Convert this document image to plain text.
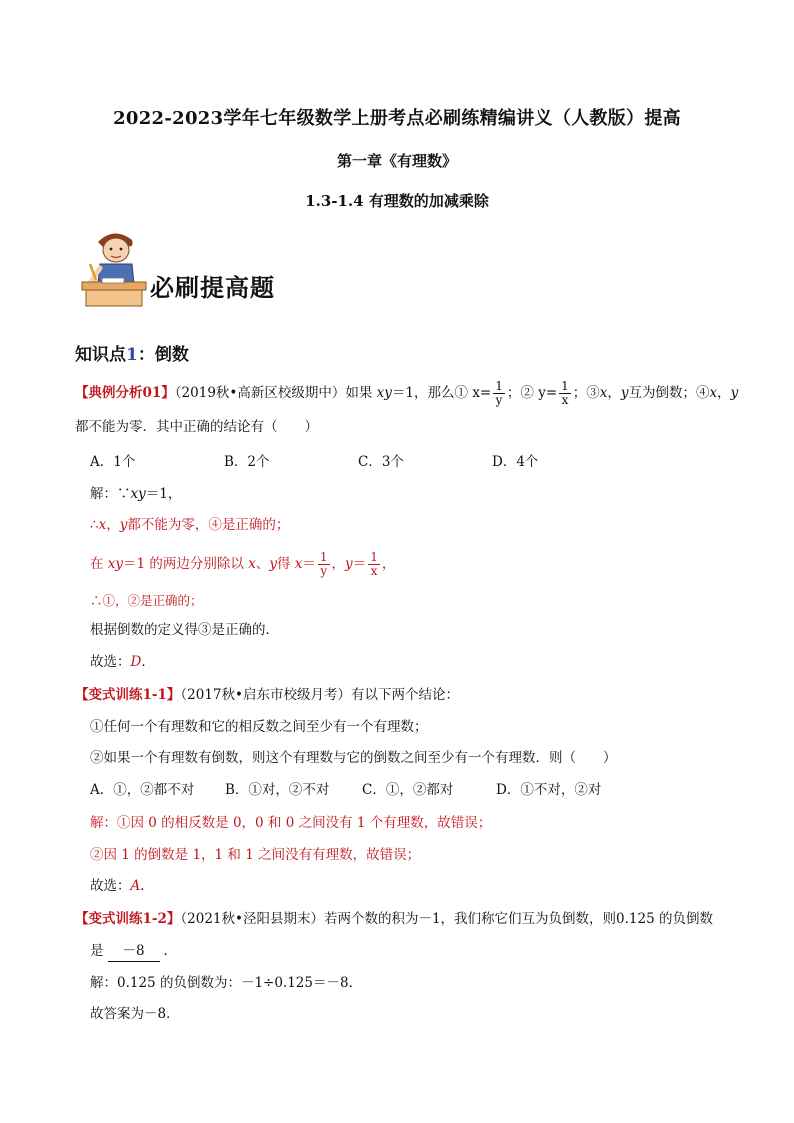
2022-2023学年七年级数学上册考点必刷练精编讲义（人教版）提高
第一章《有理数》
1.3-1.4 有理数的加减乘除
必刷提高题
知识点1：倒数
【典例分析01】（2019秋•高新区校级期中）如果 xy＝1，那么① $x= \frac{1}{y}$ ；② $y= \frac{1}{x}$ ；③x，y互为倒数；④x，y
都不能为零．其中正确的结论有（　　）
A．1个	B．2个	C．3个	D．4个
解：∵xy＝1，
∴x，y都不能为零，④是正确的；
在 xy＝1 的两边分别除以 x、y得 $x= \frac{1}{y}$ ，$y= \frac{1}{x}$ ，
∴①，②是正确的；
根据倒数的定义得③是正确的．
故选：D．
【变式训练1-1】（2017秋•启东市校级月考）有以下两个结论：
①任何一个有理数和它的相反数之间至少有一个有理数；
②如果一个有理数有倒数，则这个有理数与它的倒数之间至少有一个有理数．则（　　）
A．①，②都不对 B．①对，②不对 C．①，②都对	D．①不对，②对
解：①因 0 的相反数是 0，0 和 0 之间没有 1 个有理数，故错误；
②因 1 的倒数是 1，1 和 1 之间没有有理数，故错误；
故选：A．
【变式训练1-2】（2021秋•泾阳县期末）若两个数的积为－1，我们称它们互为负倒数，则0.125 的负倒数
是 －8 ．
解：0.125 的负倒数为：－1÷0.125＝－8．
故答案为－8．
